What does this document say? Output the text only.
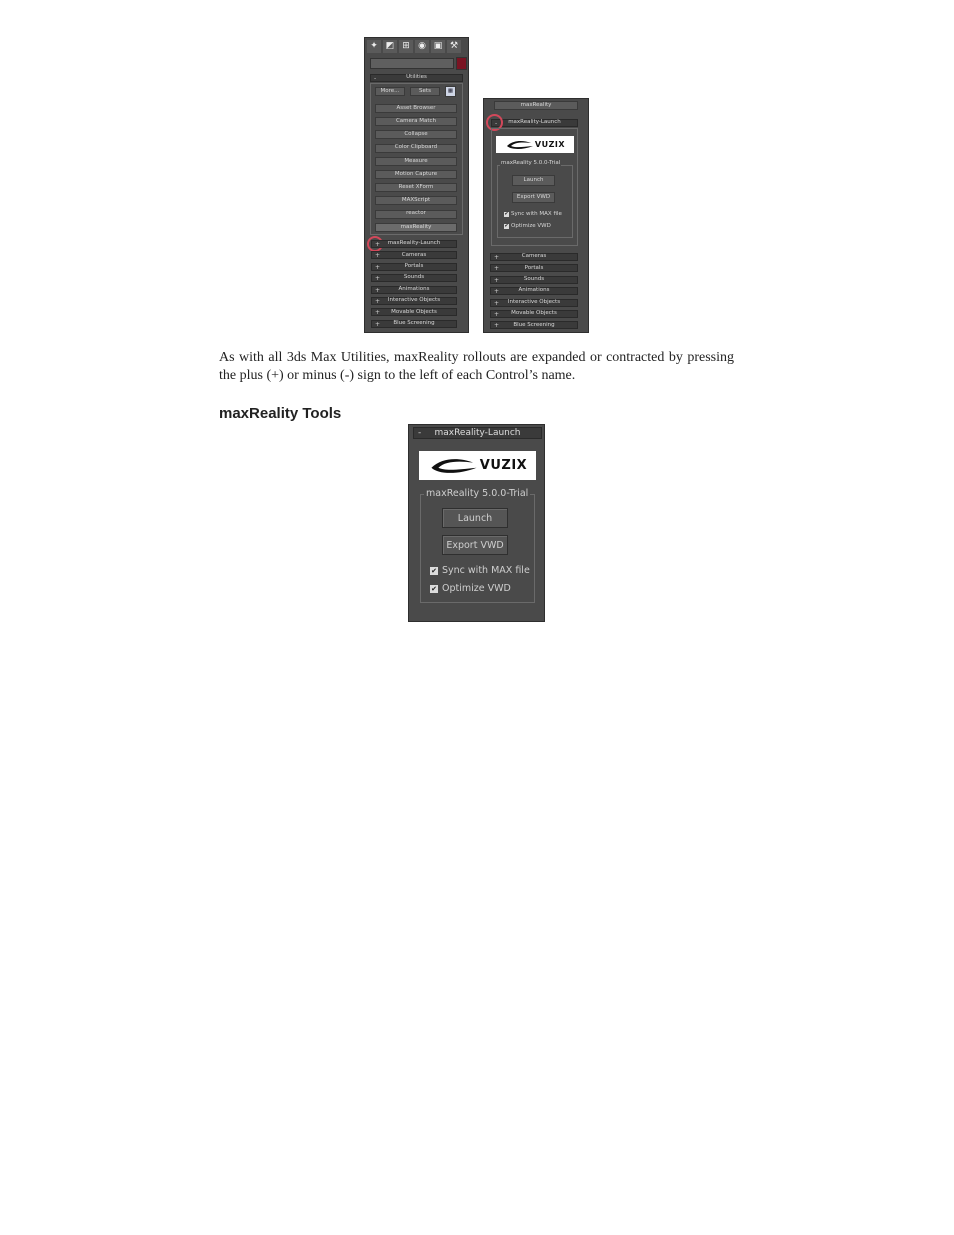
✦ ◩ ⊞ ◉ ▣ ⚒
-	Utilities
More...	Sets	▦
Asset Browser
Camera Match
Collapse
Color Clipboard
Measure
Motion Capture
Reset XForm
MAXScript
reactor
maxReality
+ maxReality-Launch
+	Cameras
+	Portals
+	Sounds
+	Animations
+ Interactive Objects
+ Movable Objects
+ Blue Screening
maxReality
- maxReality-Launch
VUZIX
maxReality 5.0.0-Trial
Launch
Export VWD
✔ Sync with MAX file
✔ Optimize VWD
+	Cameras
+	Portals
+	Sounds
+	Animations
+ Interactive Objects
+ Movable Objects
+	Blue Screening
As with all 3ds Max Utilities, maxReality rollouts are expanded or contracted by pressing the plus (+) or minus (-) sign to the left of each Control’s name.
maxReality Tools
- maxReality-Launch
VUZIX
maxReality 5.0.0-Trial
Launch
Export VWD
✔ Sync with MAX file
✔ Optimize VWD
